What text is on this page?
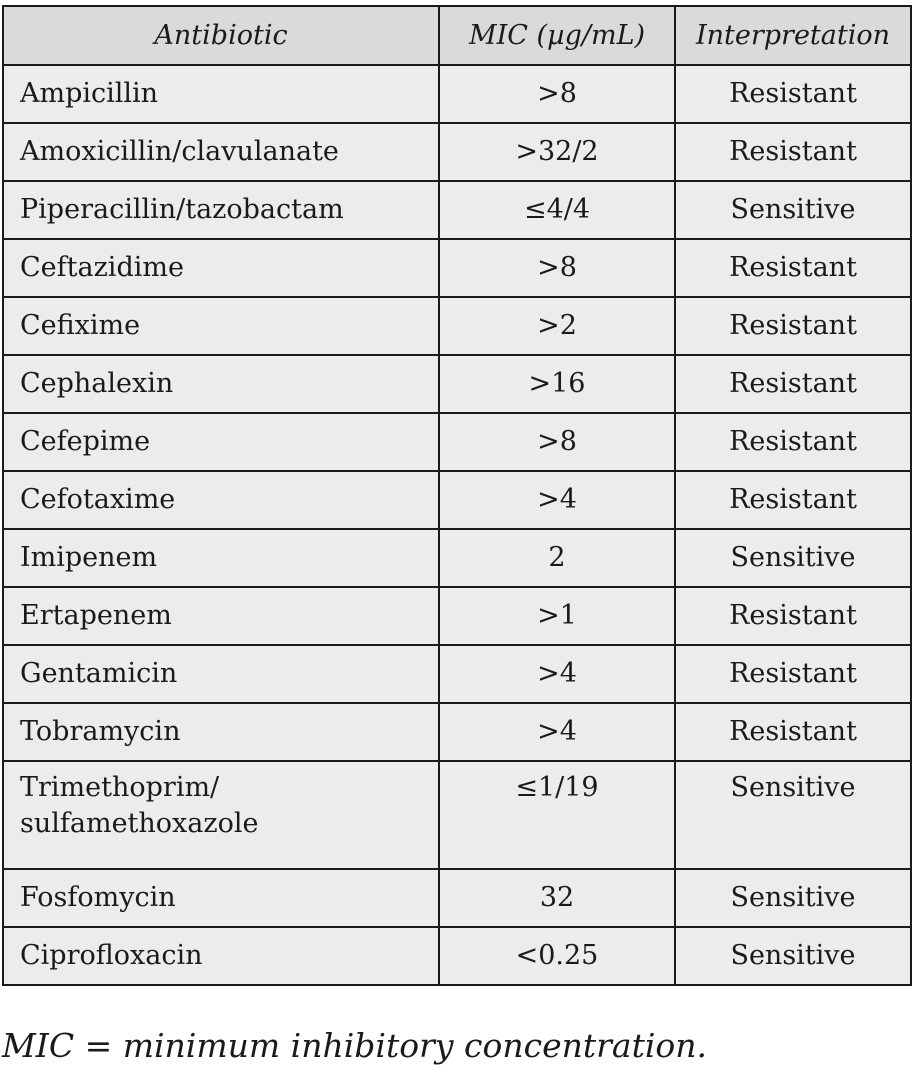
Antibiotic	MIC (µg/mL)	Interpretation
Ampicillin	>8	Resistant
Amoxicillin/clavulanate	>32/2	Resistant
Piperacillin/tazobactam	≤4/4	Sensitive
Ceftazidime	>8	Resistant
Cefixime	>2	Resistant
Cephalexin	>16	Resistant
Cefepime	>8	Resistant
Cefotaxime	>4	Resistant
Imipenem	2	Sensitive
Ertapenem	>1	Resistant
Gentamicin	>4	Resistant
Tobramycin	>4	Resistant
Trimethoprim/
sulfamethoxazole	≤1/19	Sensitive
Fosfomycin	32	Sensitive
Ciprofloxacin	<0.25	Sensitive
MIC = minimum inhibitory concentration.
